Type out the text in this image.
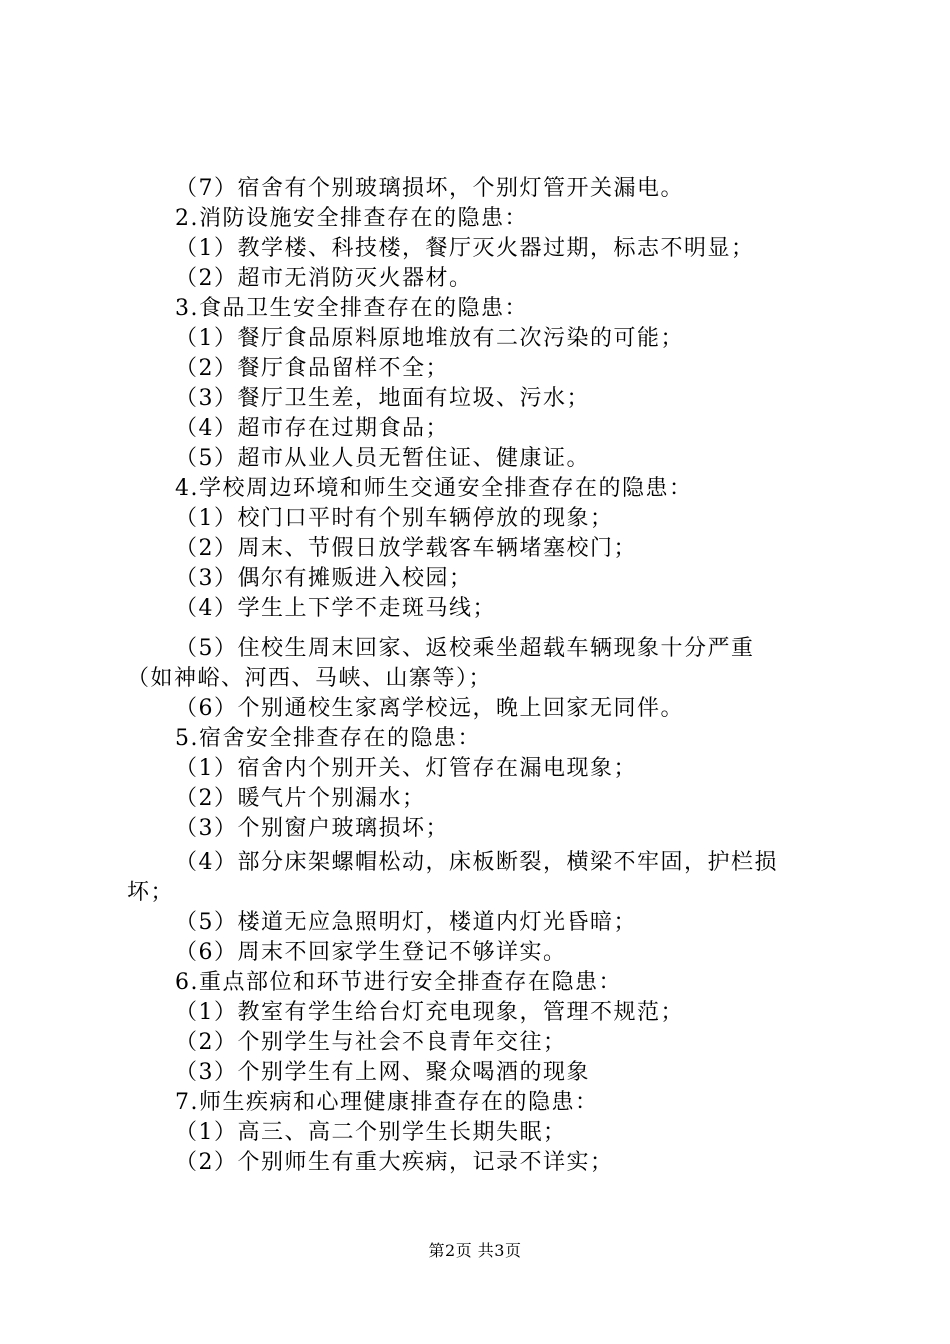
（7）宿舍有个别玻璃损坏，个别灯管开关漏电。
2.消防设施安全排查存在的隐患：
（1）教学楼、科技楼，餐厅灭火器过期，标志不明显；
（2）超市无消防灭火器材。
3.食品卫生安全排查存在的隐患：
（1）餐厅食品原料原地堆放有二次污染的可能；
（2）餐厅食品留样不全；
（3）餐厅卫生差，地面有垃圾、污水；
（4）超市存在过期食品；
（5）超市从业人员无暂住证、健康证。
4.学校周边环境和师生交通安全排查存在的隐患：
（1）校门口平时有个别车辆停放的现象；
（2）周末、节假日放学载客车辆堵塞校门；
（3）偶尔有摊贩进入校园；
（4）学生上下学不走斑马线；
（5）住校生周末回家、返校乘坐超载车辆现象十分严重
（如神峪、河西、马峡、山寨等）；
（6）个别通校生家离学校远，晚上回家无同伴。
5.宿舍安全排查存在的隐患：
（1）宿舍内个别开关、灯管存在漏电现象；
（2）暖气片个别漏水；
（3）个别窗户玻璃损坏；
（4）部分床架螺帽松动，床板断裂，横梁不牢固，护栏损
坏；
（5）楼道无应急照明灯，楼道内灯光昏暗；
（6）周末不回家学生登记不够详实。
6.重点部位和环节进行安全排查存在隐患：
（1）教室有学生给台灯充电现象，管理不规范；
（2）个别学生与社会不良青年交往；
（3）个别学生有上网、聚众喝酒的现象
7.师生疾病和心理健康排查存在的隐患：
（1）高三、高二个别学生长期失眠；
（2）个别师生有重大疾病，记录不详实；
第2页 共3页
